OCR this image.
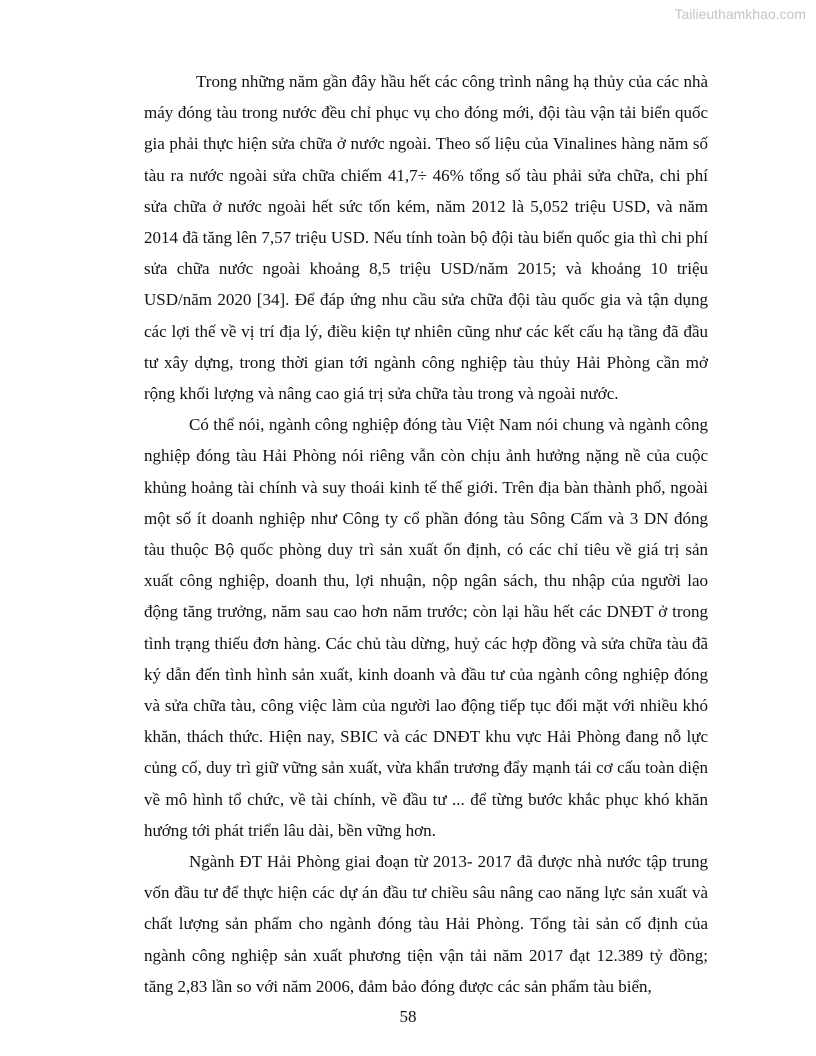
Tailieuthamkhao.com

Trong những năm gần đây hầu hết các công trình nâng hạ thủy của các nhà máy đóng tàu trong nước đều chỉ phục vụ cho đóng mới, đội tàu vận tải biển quốc gia phải thực hiện sửa chữa ở nước ngoài. Theo số liệu của Vinalines hàng năm số tàu ra nước ngoài sửa chữa chiếm 41,7÷ 46% tổng số tàu phải sửa chữa, chi phí sửa chữa ở nước ngoài hết sức tốn kém, năm 2012 là 5,052 triệu USD, và năm 2014 đã tăng lên 7,57 triệu USD. Nếu tính toàn bộ đội tàu biển quốc gia thì chi phí sửa chữa nước ngoài khoảng 8,5 triệu USD/năm 2015; và khoảng 10 triệu USD/năm 2020 [34]. Để đáp ứng nhu cầu sửa chữa đội tàu quốc gia và tận dụng các lợi thế về vị trí địa lý, điều kiện tự nhiên cũng như các kết cấu hạ tầng đã đầu tư xây dựng, trong thời gian tới ngành công nghiệp tàu thủy Hải Phòng cần mở rộng khối lượng và nâng cao giá trị sửa chữa tàu trong và ngoài nước.

Có thể nói, ngành công nghiệp đóng tàu Việt Nam nói chung và ngành công nghiệp đóng tàu Hải Phòng nói riêng vẫn còn chịu ảnh hưởng nặng nề của cuộc khủng hoảng tài chính và suy thoái kinh tế thế giới. Trên địa bàn thành phố, ngoài một số ít doanh nghiệp như Công ty cổ phần đóng tàu Sông Cấm và 3 DN đóng tàu thuộc Bộ quốc phòng duy trì sản xuất ổn định, có các chỉ tiêu về giá trị sản xuất công nghiệp, doanh thu, lợi nhuận, nộp ngân sách, thu nhập của người lao động tăng trưởng, năm sau cao hơn năm trước; còn lại hầu hết các DNĐT ở trong tình trạng thiếu đơn hàng. Các chủ tàu dừng, huỷ các hợp đồng và sửa chữa tàu đã ký dẫn đến tình hình sản xuất, kinh doanh và đầu tư của ngành công nghiệp đóng và sửa chữa tàu, công việc làm của người lao động tiếp tục đối mặt với nhiều khó khăn, thách thức. Hiện nay, SBIC và các DNĐT khu vực Hải Phòng đang nỗ lực củng cố, duy trì giữ vững sản xuất, vừa khẩn trương đẩy mạnh tái cơ cấu toàn diện về mô hình tổ chức, về tài chính, về đầu tư ... để từng bước khắc phục khó khăn hướng tới phát triển lâu dài, bền vững hơn.

Ngành ĐT Hải Phòng giai đoạn từ 2013- 2017 đã được nhà nước tập trung vốn đầu tư để thực hiện các dự án đầu tư chiều sâu nâng cao năng lực sản xuất và chất lượng sản phẩm cho ngành đóng tàu Hải Phòng. Tổng tài sản cố định của ngành công nghiệp sản xuất phương tiện vận tải năm 2017 đạt 12.389 tỷ đồng; tăng 2,83 lần so với năm 2006, đảm bảo đóng được các sản phẩm tàu biển,

58
